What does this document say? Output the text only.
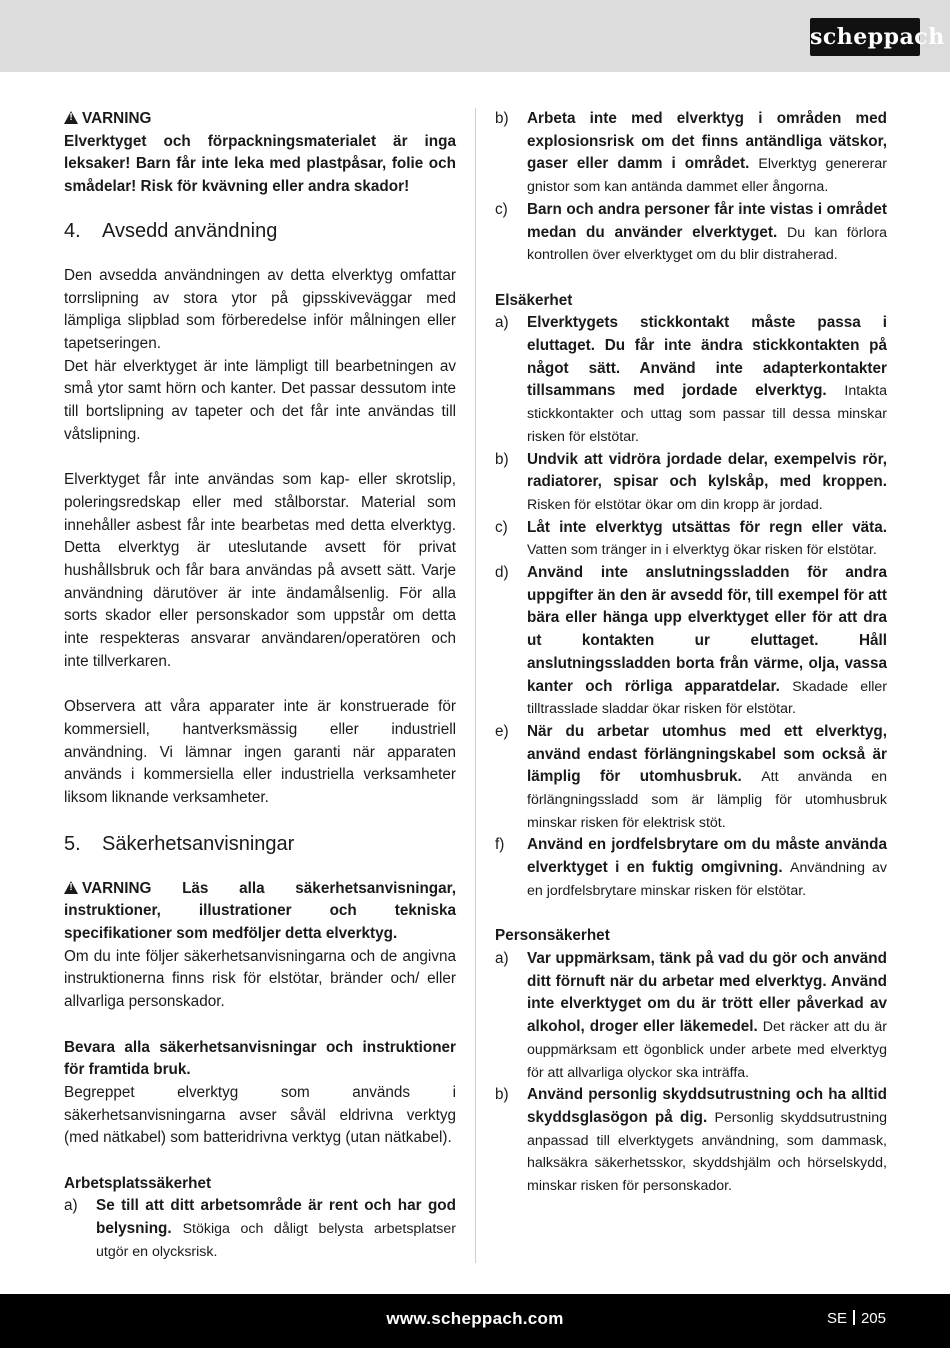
scheppach
!VARNING

Elverktyget och förpackningsmaterialet är inga leksaker! Barn får inte leka med plastpåsar, folie och smådelar! Risk för kvävning eller andra skador!

4. Avsedd användning

Den avsedda användningen av detta elverktyg omfattar torrslipning av stora ytor på gipsskiveväggar med lämpliga slipblad som förberedelse inför målningen eller tapetseringen.

Det här elverktyget är inte lämpligt till bearbetningen av små ytor samt hörn och kanter. Det passar dessutom inte till bortslipning av tapeter och det får inte användas till våtslipning.

Elverktyget får inte användas som kap- eller skrotslip, poleringsredskap eller med stålborstar. Material som innehåller asbest får inte bearbetas med detta elverktyg. Detta elverktyg är uteslutande avsett för privat hushållsbruk och får bara användas på avsett sätt. Varje användning därutöver är inte ändamålsenlig. För alla sorts skador eller personskador som uppstår om detta inte respekteras ansvarar användaren/operatören och inte tillverkaren.

Observera att våra apparater inte är konstruerade för kommersiell, hantverksmässig eller industriell användning. Vi lämnar ingen garanti när apparaten används i kommersiella eller industriella verksamheter liksom liknande verksamheter.

5. Säkerhetsanvisningar

!VARNING Läs alla säkerhetsanvisningar, instruktioner, illustrationer och tekniska specifikationer som medföljer detta elverktyg.

Om du inte följer säkerhetsanvisningarna och de angivna instruktionerna finns risk för elstötar, bränder och/ eller allvarliga personskador.

Bevara alla säkerhetsanvisningar och instruktioner för framtida bruk.

Begreppet elverktyg som används i säkerhetsanvisningarna avser såväl eldrivna verktyg (med nätkabel) som batteridrivna verktyg (utan nätkabel).

Arbetsplatssäkerhet
a)	Se till att ditt arbetsområde är rent och har god belysning. Stökiga och dåligt belysta arbetsplatser utgör en olycksrisk.
b)	Arbeta inte med elverktyg i områden med explosionsrisk om det finns antändliga vätskor, gaser eller damm i området. Elverktyg genererar gnistor som kan antända dammet eller ångorna.
c)	Barn och andra personer får inte vistas i området medan du använder elverktyget. Du kan förlora kontrollen över elverktyget om du blir distraherad.
Elsäkerhet
a)	Elverktygets stickkontakt måste passa i eluttaget. Du får inte ändra stickkontakten på något sätt. Använd inte adapterkontakter tillsammans med jordade elverktyg. Intakta stickkontakter och uttag som passar till dessa minskar risken för elstötar.
b)	Undvik att vidröra jordade delar, exempelvis rör, radiatorer, spisar och kylskåp, med kroppen. Risken för elstötar ökar om din kropp är jordad.
c)	Låt inte elverktyg utsättas för regn eller väta. Vatten som tränger in i elverktyg ökar risken för elstötar.
d)	Använd inte anslutningssladden för andra uppgifter än den är avsedd för, till exempel för att bära eller hänga upp elverktyget eller för att dra ut kontakten ur eluttaget. Håll anslutningssladden borta från värme, olja, vassa kanter och rörliga apparatdelar. Skadade eller tilltrasslade sladdar ökar risken för elstötar.
e)	När du arbetar utomhus med ett elverktyg, använd endast förlängningskabel som också är lämplig för utomhusbruk. Att använda en förlängningssladd som är lämplig för utomhusbruk minskar risken för elektrisk stöt.
f)	Använd en jordfelsbrytare om du måste använda elverktyget i en fuktig omgivning. Användning av en jordfelsbrytare minskar risken för elstötar.
Personsäkerhet
a)	Var uppmärksam, tänk på vad du gör och använd ditt förnuft när du arbetar med elverktyg. Använd inte elverktyget om du är trött eller påverkad av alkohol, droger eller läkemedel. Det räcker att du är ouppmärksam ett ögonblick under arbete med elverktyg för att allvarliga olyckor ska inträffa.
b)	Använd personlig skyddsutrustning och ha alltid skyddsglasögon på dig. Personlig skyddsutrustning anpassad till elverktygets användning, som dammask, halksäkra säkerhetsskor, skyddshjälm och hörselskydd, minskar risken för personskador.
www.scheppach.com	SE 205
